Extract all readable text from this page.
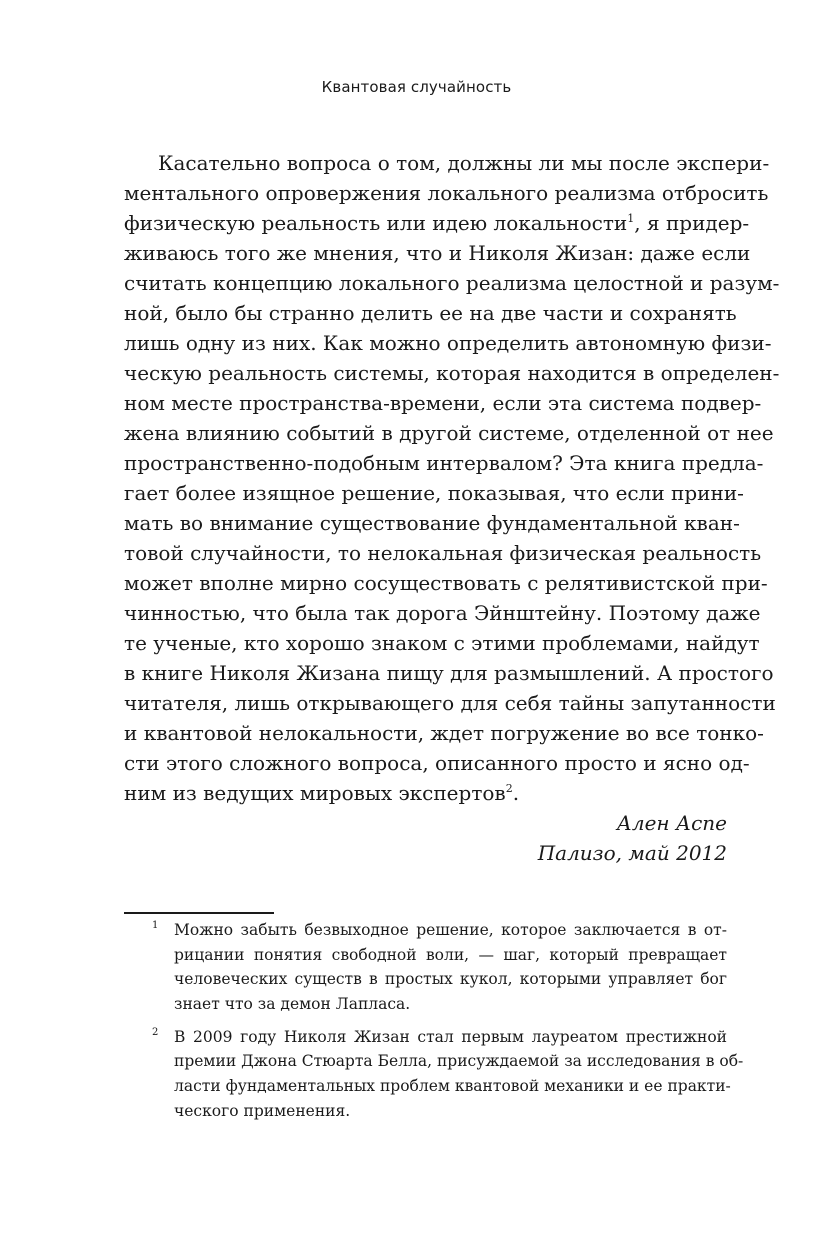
Квантовая случайность
Касательно вопроса о том, должны ли мы после экспери-
ментального опровержения локального реализма отбросить
физическую реальность или идею локальности$^1$, я придер-
живаюсь того же мнения, что и Николя Жизан: даже если
считать концепцию локального реализма целостной и разум-
ной, было бы странно делить ее на две части и сохранять
лишь одну из них. Как можно определить автономную физи-
ческую реальность системы, которая находится в определен-
ном месте пространства-времени, если эта система подвер-
жена влиянию событий в другой системе, отделенной от нее
пространственно-подобным интервалом? Эта книга предла-
гает более изящное решение, показывая, что если прини-
мать во внимание существование фундаментальной кван-
товой случайности, то нелокальная физическая реальность
может вполне мирно сосуществовать с релятивистской при-
чинностью, что была так дорога Эйнштейну. Поэтому даже
те ученые, кто хорошо знаком с этими проблемами, найдут
в книге Николя Жизана пищу для размышлений. А простого
читателя, лишь открывающего для себя тайны запутанности
и квантовой нелокальности, ждет погружение во все тонко-
сти этого сложного вопроса, описанного просто и ясно од-
ним из ведущих мировых экспертов$^2$.
Ален Аспе
Пализо, май 2012
1 Можно забыть безвыходное решение, которое заключается в от-
рицании понятия свободной воли, — шаг, который превращает
человеческих существ в простых кукол, которыми управляет бог
знает что за демон Лапласа.
2 В 2009 году Николя Жизан стал первым лауреатом престижной
премии Джона Стюарта Белла, присуждаемой за исследования в об-
ласти фундаментальных проблем квантовой механики и ее практи-
ческого применения.
